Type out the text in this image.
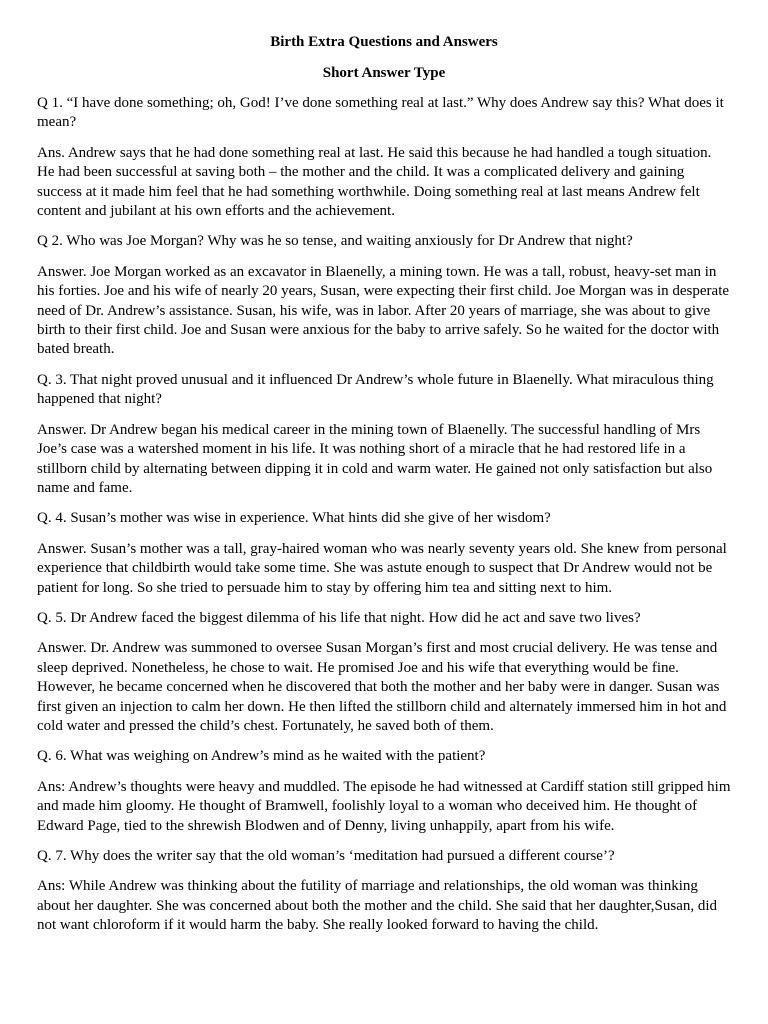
Birth Extra Questions and Answers
Short Answer Type

Q 1. “I have done something; oh, God! I’ve done something real at last.” Why does Andrew say this? What does it mean?

Ans. Andrew says that he had done something real at last. He said this because he had handled a tough situation. He had been successful at saving both – the mother and the child. It was a complicated delivery and gaining success at it made him feel that he had something worthwhile. Doing something real at last means Andrew felt content and jubilant at his own efforts and the achievement.

Q 2. Who was Joe Morgan? Why was he so tense, and waiting anxiously for Dr Andrew that night?

Answer. Joe Morgan worked as an excavator in Blaenelly, a mining town. He was a tall, robust, heavy-set man in his forties. Joe and his wife of nearly 20 years, Susan, were expecting their first child. Joe Morgan was in desperate need of Dr. Andrew’s assistance. Susan, his wife, was in labor. After 20 years of marriage, she was about to give birth to their first child. Joe and Susan were anxious for the baby to arrive safely. So he waited for the doctor with bated breath.

Q. 3. That night proved unusual and it influenced Dr Andrew’s whole future in Blaenelly. What miraculous thing happened that night?

Answer. Dr Andrew began his medical career in the mining town of Blaenelly. The successful handling of Mrs Joe’s case was a watershed moment in his life. It was nothing short of a miracle that he had restored life in a stillborn child by alternating between dipping it in cold and warm water. He gained not only satisfaction but also name and fame.

Q. 4. Susan’s mother was wise in experience. What hints did she give of her wisdom?

Answer. Susan’s mother was a tall, gray-haired woman who was nearly seventy years old. She knew from personal experience that childbirth would take some time. She was astute enough to suspect that Dr Andrew would not be patient for long. So she tried to persuade him to stay by offering him tea and sitting next to him.

Q. 5. Dr Andrew faced the biggest dilemma of his life that night. How did he act and save two lives?

Answer. Dr. Andrew was summoned to oversee Susan Morgan’s first and most crucial delivery. He was tense and sleep deprived. Nonetheless, he chose to wait. He promised Joe and his wife that everything would be fine. However, he became concerned when he discovered that both the mother and her baby were in danger. Susan was first given an injection to calm her down. He then lifted the stillborn child and alternately immersed him in hot and cold water and pressed the child’s chest. Fortunately, he saved both of them.

Q. 6. What was weighing on Andrew’s mind as he waited with the patient?

Ans: Andrew’s thoughts were heavy and muddled. The episode he had witnessed at Cardiff station still gripped him and made him gloomy. He thought of Bramwell, foolishly loyal to a woman who deceived him. He thought of Edward Page, tied to the shrewish Blodwen and of Denny, living unhappily, apart from his wife.

Q. 7. Why does the writer say that the old woman’s ‘meditation had pursued a different course’?

Ans: While Andrew was thinking about the futility of marriage and relationships, the old woman was thinking about her daughter. She was concerned about both the mother and the child. She said that her daughter,Susan, did not want chloroform if it would harm the baby. She really looked forward to having the child.
